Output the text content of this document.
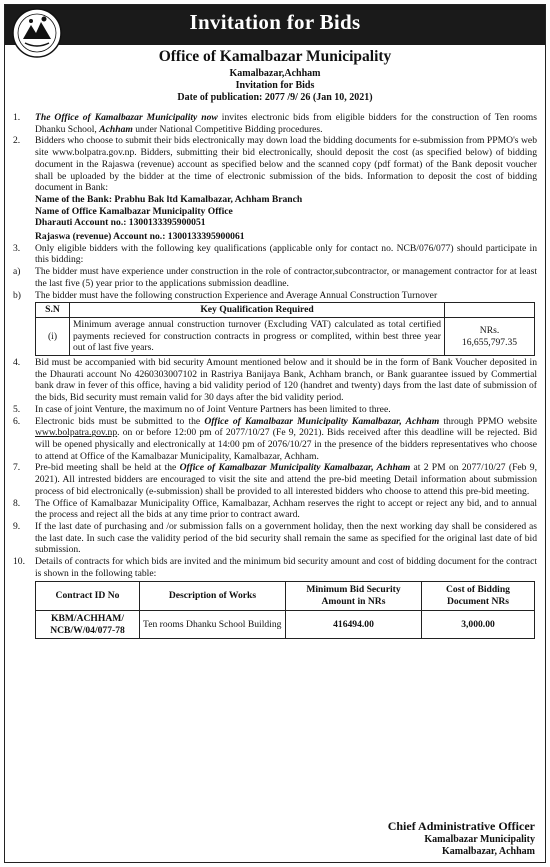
Invitation for Bids
Office of Kamalbazar Municipality
Kamalbazar,Achham
Invitation for Bids
Date of publication: 2077 /9/ 26 (Jan 10, 2021)
1.	The Office of Kamalbazar Municipality now invites electronic bids from eligible bidders for the construction of Ten rooms Dhanku School, Achham under National Competitive Bidding procedures.
2.	Bidders who choose to submit their bids electronically may down load the bidding documents for e-submission from PPMO's web site www.bolpatra.gov.np. Bidders, submitting their bid electronically, should deposit the cost (as specified below) of bidding document in the Rajaswa (revenue) account as specified below and the scanned copy (pdf format) of the Bank deposit voucher shall be uploaded by the bidder at the time of electronic submission of the bids. Information to deposit the cost of bidding document in Bank:
Name of the Bank: Prabhu Bak ltd Kamalbazar, Achham Branch
Name of Office Kamalbazar Municipality Office
Dharauti Account no.: 1300133395900051
Rajaswa (revenue) Account no.: 1300133395900061
3.	Only eligible bidders with the following key qualifications (applicable only for contact no. NCB/076/077) should participate in this bidding:
a)	The bidder must have experience under construction in the role of contractor,subcontractor, or management contractor for at least the last five (5) year prior to the applications submission deadline.
b)	The bidder must have the following construction Experience and Average Annual Construction Turnover
S.N	Key Qualification Required	
(i)	Minimum average annual construction turnover (Excluding VAT) calculated as total certified payments recieved for construction contracts in progress or complited, within best three year out of last five years.	NRs.
16,655,797.35
4.	Bid must be accompanied with bid security Amount mentioned below and it should be in the form of Bank Voucher deposited in the Dhaurati account No 4260303007102 in Rastriya Banijaya Bank, Achham branch, or Bank guarantee issued by Commertial bank draw in fever of this office, having a bid validity period of 120 (handret and twenty) days from the last date of submission of the bids, Bid security must remain valid for 30 days after the bid validity period.
5.	In case of joint Venture, the maximum no of Joint Venture Partners has been limited to three.
6.	Electronic bids must be submitted to the Office of Kamalbazar Municipality Kamalbazar, Achham through PPMO website www.bolpatra.gov.np. on or before 12:00 pm of 2077/10/27 (Fe 9, 2021). Bids received after this deadline will be rejected. Bid will be opened physically and electronically at 14:00 pm of 2076/10/27 in the presence of the bidders representatives who choose to attend at Office of the Kamalbazar Municipality, Kamalbazar, Achham.
7.	Pre-bid meeting shall be held at the Office of Kamalbazar Municipality Kamalbazar, Achham at 2 PM on 2077/10/27 (Feb 9, 2021). All intrested bidders are encouraged to visit the site and attend the pre-bid meeting Detail information about submission process of bid electronically (e-submission) shall be provided to all interested bidders who choose to attend this pre-bid meeting.
8.	The Office of Kamalbazar Municipality Office, Kamalbazar, Achham reserves the right to accept or reject any bid, and to annual the process and reject all the bids at any time prior to contract award.
9.	If the last date of purchasing and /or submission falls on a government holiday, then the next working day shall be considered as the last date. In such case the validity period of the bid security shall remain the same as specified for the original last date of bid submission.
10.	Details of contracts for which bids are invited and the minimum bid security amount and cost of bidding document for the contract is shown in the following table:
Contract ID No	Description of Works	Minimum Bid Security Amount in NRs	Cost of Bidding Document NRs
KBM/ACHHAM/ NCB/W/04/077-78	Ten rooms Dhanku School Building	416494.00	3,000.00
Chief Administrative Officer
Kamalbazar Municipality
Kamalbazar, Achham
